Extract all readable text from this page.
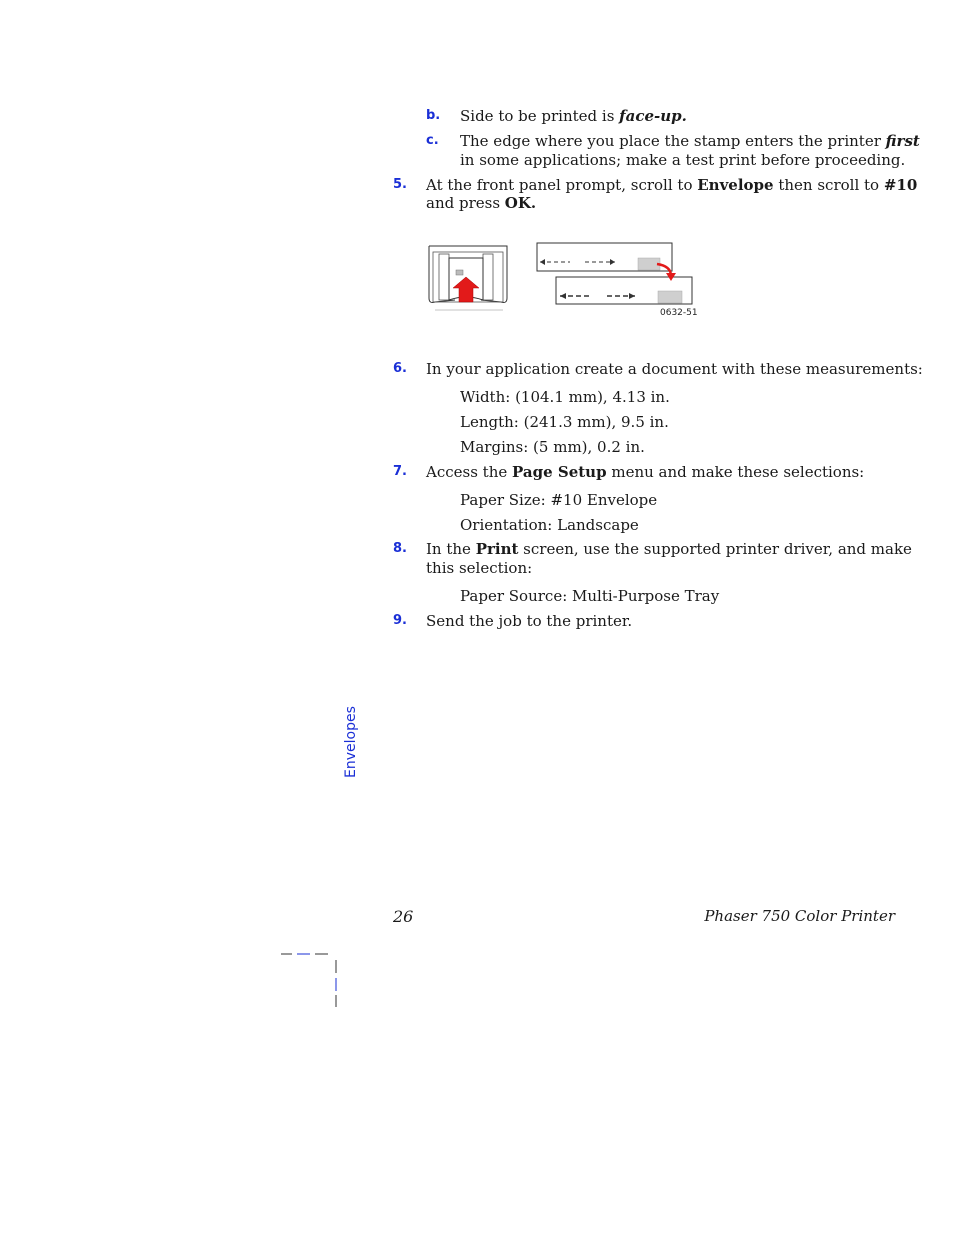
b. Side to be printed is face-up.
c. The edge where you place the stamp enters the printer first
in some applications; make a test print before proceeding.
5. At the front panel prompt, scroll to Envelope then scroll to #10
and press OK.
0632-51
6. In your application create a document with these measurements:
Width: (104.1 mm), 4.13 in.
Length: (241.3 mm), 9.5 in.
Margins: (5 mm), 0.2 in.
7. Access the Page Setup menu and make these selections:
Paper Size: #10 Envelope
Orientation: Landscape
8. In the Print screen, use the supported printer driver, and make
this selection:
Paper Source: Multi-Purpose Tray
9. Send the job to the printer.
Envelopes
26	Phaser 750 Color Printer
